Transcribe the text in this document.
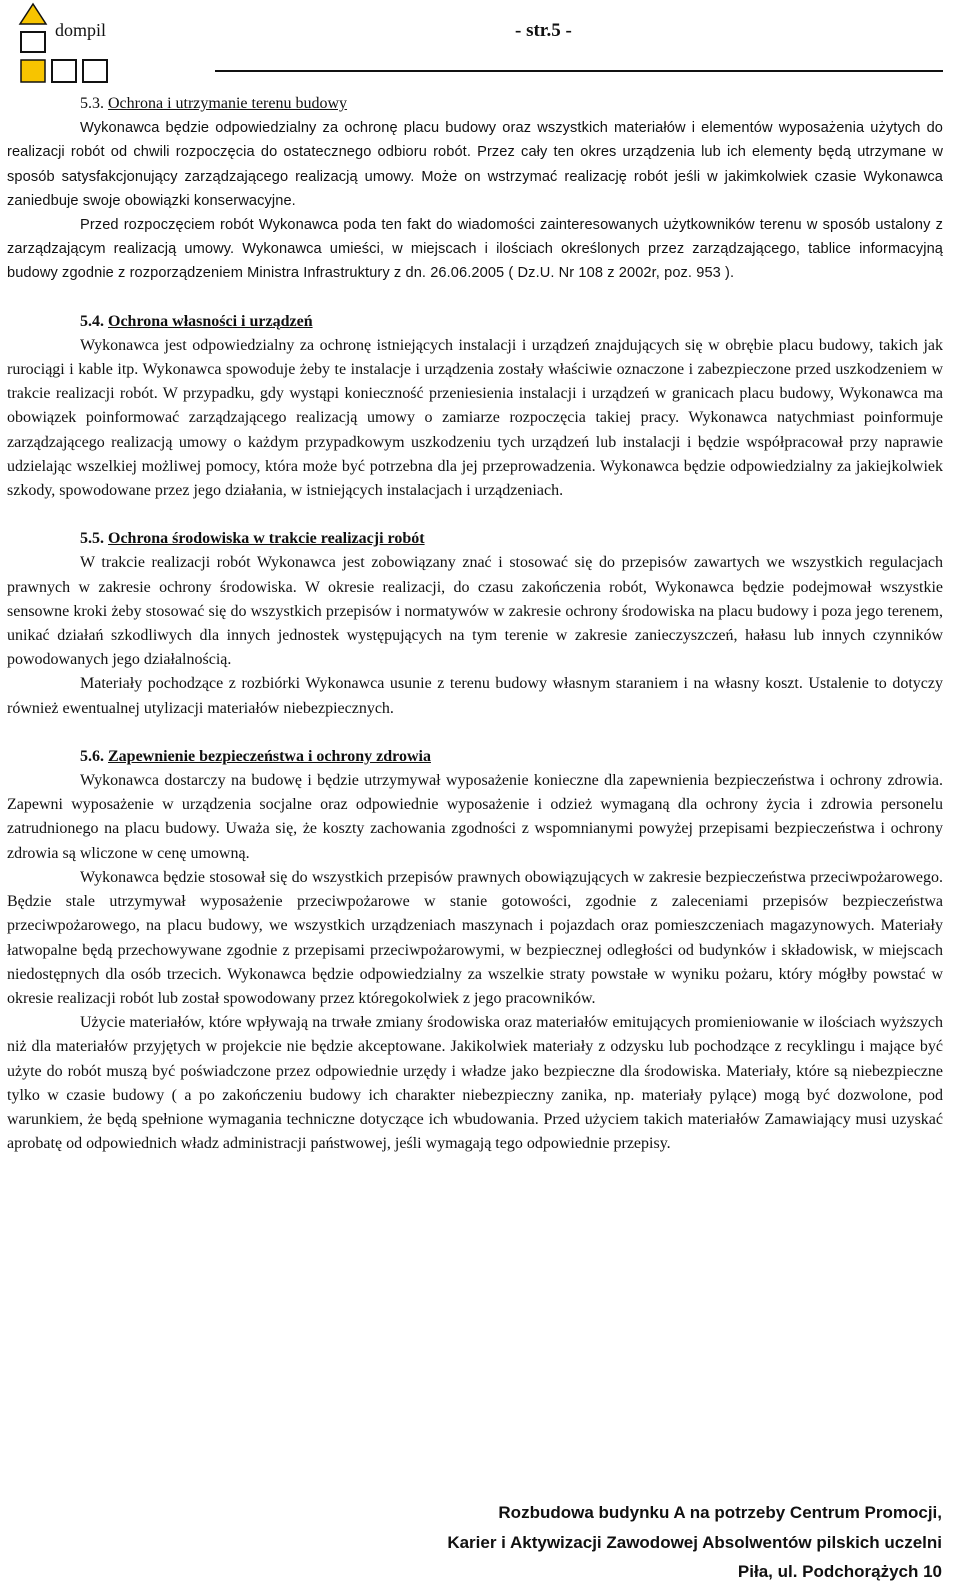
dompil	- str.5 -
5.3. Ochrona i utrzymanie terenu budowy

Wykonawca będzie odpowiedzialny za ochronę placu budowy oraz wszystkich materiałów i elementów wyposażenia użytych do realizacji robót od chwili rozpoczęcia do ostatecznego odbioru robót. Przez cały ten okres urządzenia lub ich elementy będą utrzymane w sposób satysfakcjonujący zarządzającego realizacją umowy. Może on wstrzymać realizację robót jeśli w jakimkolwiek czasie Wykonawca zaniedbuje swoje obowiązki konserwacyjne.

Przed rozpoczęciem robót Wykonawca poda ten fakt do wiadomości zainteresowanych użytkowników terenu w sposób ustalony z zarządzającym realizacją umowy. Wykonawca umieści, w miejscach i ilościach określonych przez zarządzającego, tablice informacyjną budowy zgodnie z rozporządzeniem Ministra Infrastruktury z dn. 26.06.2005 ( Dz.U. Nr 108 z 2002r, poz. 953 ).

5.4. Ochrona własności i urządzeń

Wykonawca jest odpowiedzialny za ochronę istniejących instalacji i urządzeń znajdujących się w obrębie placu budowy, takich jak rurociągi i kable itp. Wykonawca spowoduje żeby te instalacje i urządzenia zostały właściwie oznaczone i zabezpieczone przed uszkodzeniem w trakcie realizacji robót. W przypadku, gdy wystąpi konieczność przeniesienia instalacji i urządzeń w granicach placu budowy, Wykonawca ma obowiązek poinformować zarządzającego realizacją umowy o zamiarze rozpoczęcia takiej pracy. Wykonawca natychmiast poinformuje zarządzającego realizacją umowy o każdym przypadkowym uszkodzeniu tych urządzeń lub instalacji i będzie współpracował przy naprawie udzielając wszelkiej możliwej pomocy, która może być potrzebna dla jej przeprowadzenia. Wykonawca będzie odpowiedzialny za jakiejkolwiek szkody, spowodowane przez jego działania, w istniejących instalacjach i urządzeniach.

5.5. Ochrona środowiska w trakcie realizacji robót

W trakcie realizacji robót Wykonawca jest zobowiązany znać i stosować się do przepisów zawartych we wszystkich regulacjach prawnych w zakresie ochrony środowiska. W okresie realizacji, do czasu zakończenia robót, Wykonawca będzie podejmował wszystkie sensowne kroki żeby stosować się do wszystkich przepisów i normatywów w zakresie ochrony środowiska na placu budowy i poza jego terenem, unikać działań szkodliwych dla innych jednostek występujących na tym terenie w zakresie zanieczyszczeń, hałasu lub innych czynników powodowanych jego działalnością.

Materiały pochodzące z rozbiórki Wykonawca usunie z terenu budowy własnym staraniem i na własny koszt. Ustalenie to dotyczy również ewentualnej utylizacji materiałów niebezpiecznych.

5.6. Zapewnienie bezpieczeństwa i ochrony zdrowia

Wykonawca dostarczy na budowę i będzie utrzymywał wyposażenie konieczne dla zapewnienia bezpieczeństwa i ochrony zdrowia. Zapewni wyposażenie w urządzenia socjalne oraz odpowiednie wyposażenie i odzież wymaganą dla ochrony życia i zdrowia personelu zatrudnionego na placu budowy. Uważa się, że koszty zachowania zgodności z wspomnianymi powyżej przepisami bezpieczeństwa i ochrony zdrowia są wliczone w cenę umowną.

Wykonawca będzie stosował się do wszystkich przepisów prawnych obowiązujących w zakresie bezpieczeństwa przeciwpożarowego. Będzie stale utrzymywał wyposażenie przeciwpożarowe w stanie gotowości, zgodnie z zaleceniami przepisów bezpieczeństwa przeciwpożarowego, na placu budowy, we wszystkich urządzeniach maszynach i pojazdach oraz pomieszczeniach magazynowych. Materiały łatwopalne będą przechowywane zgodnie z przepisami przeciwpożarowymi, w bezpiecznej odległości od budynków i składowisk, w miejscach niedostępnych dla osób trzecich. Wykonawca będzie odpowiedzialny za wszelkie straty powstałe w wyniku pożaru, który mógłby powstać w okresie realizacji robót lub został spowodowany przez któregokolwiek z jego pracowników.

Użycie materiałów, które wpływają na trwałe zmiany środowiska oraz materiałów emitujących promieniowanie w ilościach wyższych niż dla materiałów przyjętych w projekcie nie będzie akceptowane. Jakikolwiek materiały z odzysku lub pochodzące z recyklingu i mające być użyte do robót muszą być poświadczone przez odpowiednie urzędy i władze jako bezpieczne dla środowiska. Materiały, które są niebezpieczne tylko w czasie budowy ( a po zakończeniu budowy ich charakter niebezpieczny zanika, np. materiały pylące) mogą być dozwolone, pod warunkiem, że będą spełnione wymagania techniczne dotyczące ich wbudowania. Przed użyciem takich materiałów Zamawiający musi uzyskać aprobatę od odpowiednich władz administracji państwowej, jeśli wymagają tego odpowiednie przepisy.

Rozbudowa budynku A na potrzeby Centrum Promocji,
Karier i Aktywizacji Zawodowej Absolwentów pilskich uczelni
Piła, ul. Podchorążych 10
